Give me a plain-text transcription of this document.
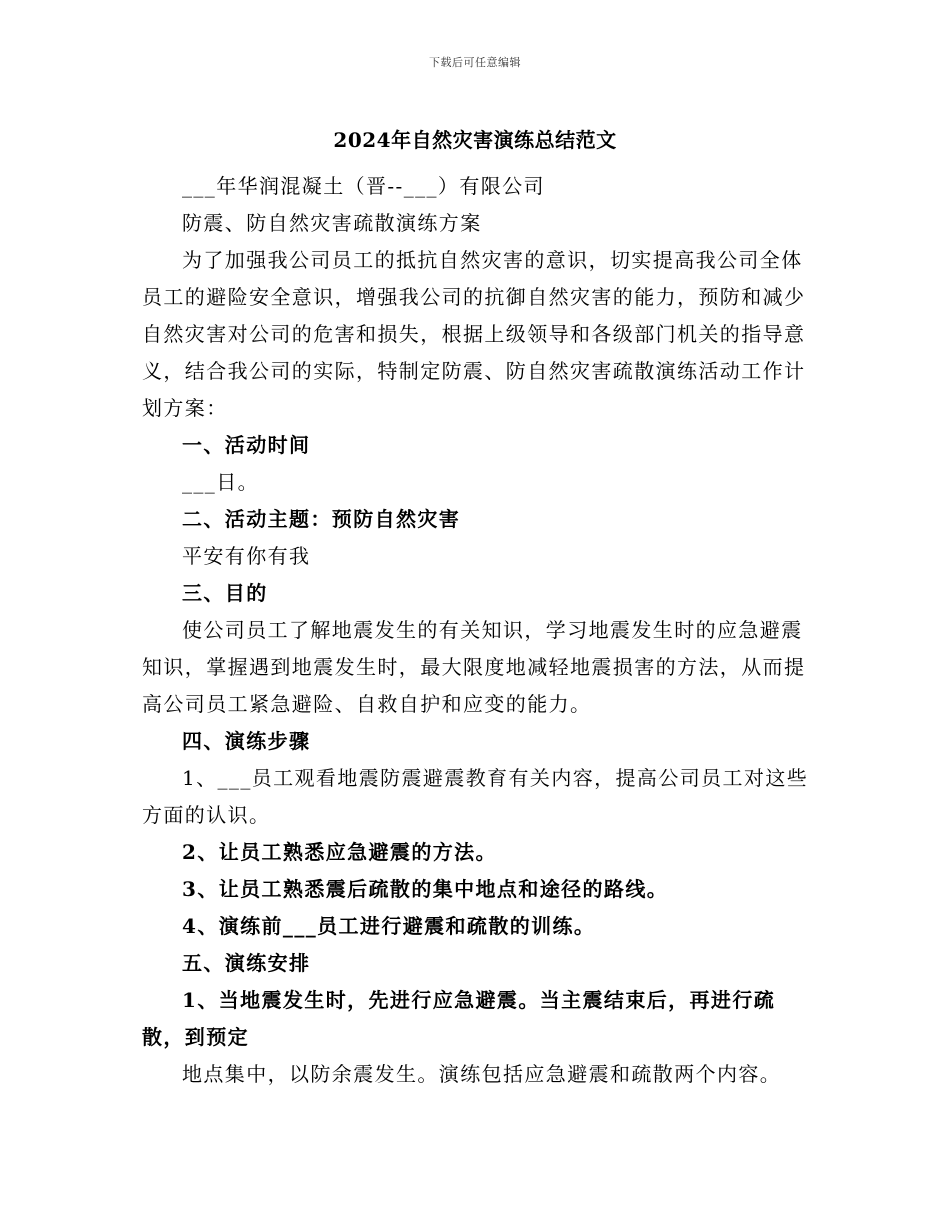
下载后可任意编辑
2024年自然灾害演练总结范文

___年华润混凝土（晋--___）有限公司

防震、防自然灾害疏散演练方案

为了加强我公司员工的抵抗自然灾害的意识，切实提高我公司全体员工的避险安全意识，增强我公司的抗御自然灾害的能力，预防和减少自然灾害对公司的危害和损失，根据上级领导和各级部门机关的指导意义，结合我公司的实际，特制定防震、防自然灾害疏散演练活动工作计划方案：

一、活动时间

___日。

二、活动主题：预防自然灾害

平安有你有我

三、目的

使公司员工了解地震发生的有关知识，学习地震发生时的应急避震知识，掌握遇到地震发生时，最大限度地减轻地震损害的方法，从而提高公司员工紧急避险、自救自护和应变的能力。

四、演练步骤

1、___员工观看地震防震避震教育有关内容，提高公司员工对这些方面的认识。

2、让员工熟悉应急避震的方法。

3、让员工熟悉震后疏散的集中地点和途径的路线。

4、演练前___员工进行避震和疏散的训练。

五、演练安排

1、当地震发生时，先进行应急避震。当主震结束后，再进行疏散，到预定

地点集中，以防余震发生。演练包括应急避震和疏散两个内容。
